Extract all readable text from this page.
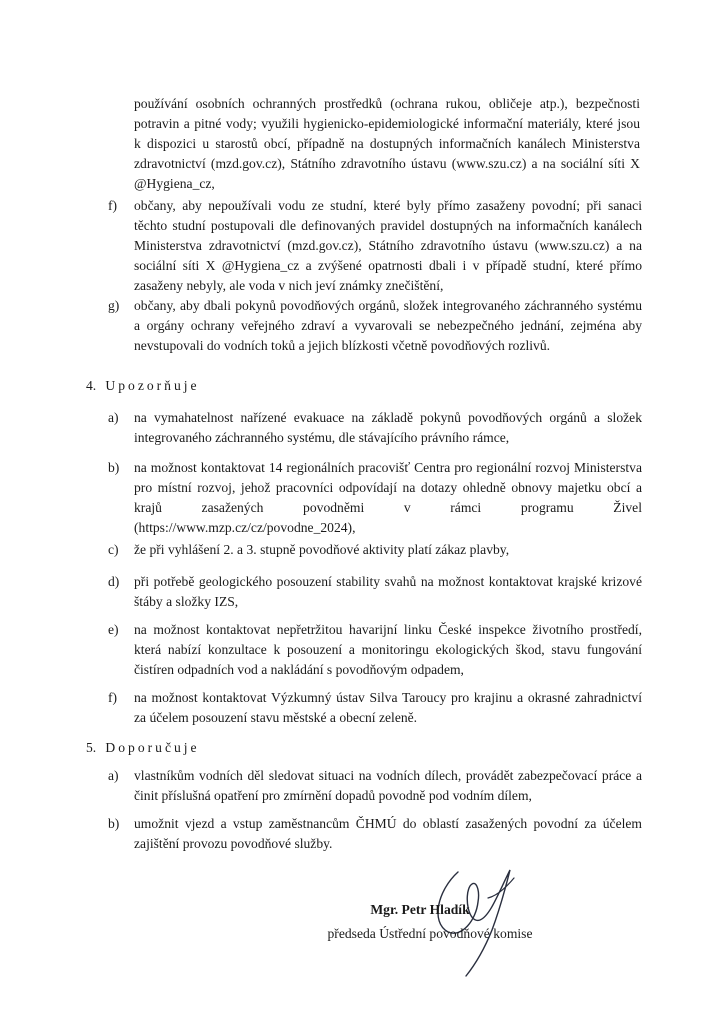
používání osobních ochranných prostředků (ochrana rukou, obličeje atp.), bezpečnosti potravin a pitné vody; využili hygienicko-epidemiologické informační materiály, které jsou k dispozici u starostů obcí, případně na dostupných informačních kanálech Ministerstva zdravotnictví (mzd.gov.cz), Státního zdravotního ústavu (www.szu.cz) a na sociální síti X @Hygiena_cz,
f)	občany, aby nepoužívali vodu ze studní, které byly přímo zasaženy povodní; při sanaci těchto studní postupovali dle definovaných pravidel dostupných na informačních kanálech Ministerstva zdravotnictví (mzd.gov.cz), Státního zdravotního ústavu (www.szu.cz) a na sociální síti X @Hygiena_cz a zvýšené opatrnosti dbali i v případě studní, které přímo zasaženy nebyly, ale voda v nich jeví známky znečištění,
g)	občany, aby dbali pokynů povodňových orgánů, složek integrovaného záchranného systému a orgány ochrany veřejného zdraví a vyvarovali se nebezpečného jednání, zejména aby nevstupovali do vodních toků a jejich blízkosti včetně povodňových rozlivů.
4. Upozorňuje
a)	na vymahatelnost nařízené evakuace na základě pokynů povodňových orgánů a složek integrovaného záchranného systému, dle stávajícího právního rámce,
b)	na možnost kontaktovat 14 regionálních pracovišť Centra pro regionální rozvoj Ministerstva pro místní rozvoj, jehož pracovníci odpovídají na dotazy ohledně obnovy majetku obcí a krajů zasažených povodněmi v rámci programu Živel (https://www.mzp.cz/cz/povodne_2024),
c)	že při vyhlášení 2. a 3. stupně povodňové aktivity platí zákaz plavby,
d)	při potřebě geologického posouzení stability svahů na možnost kontaktovat krajské krizové štáby a složky IZS,
e)	na možnost kontaktovat nepřetržitou havarijní linku České inspekce životního prostředí, která nabízí konzultace k posouzení a monitoringu ekologických škod, stavu fungování čistíren odpadních vod a nakládání s povodňovým odpadem,
f)	na možnost kontaktovat Výzkumný ústav Silva Taroucy pro krajinu a okrasné zahradnictví za účelem posouzení stavu městské a obecní zeleně.
5. Doporučuje
a)	vlastníkům vodních děl sledovat situaci na vodních dílech, provádět zabezpečovací práce a činit příslušná opatření pro zmírnění dopadů povodně pod vodním dílem,
b)	umožnit vjezd a vstup zaměstnancům ČHMÚ do oblastí zasažených povodní za účelem zajištění provozu povodňové služby.
Mgr. Petr Hladík
předseda Ústřední povodňové komise
